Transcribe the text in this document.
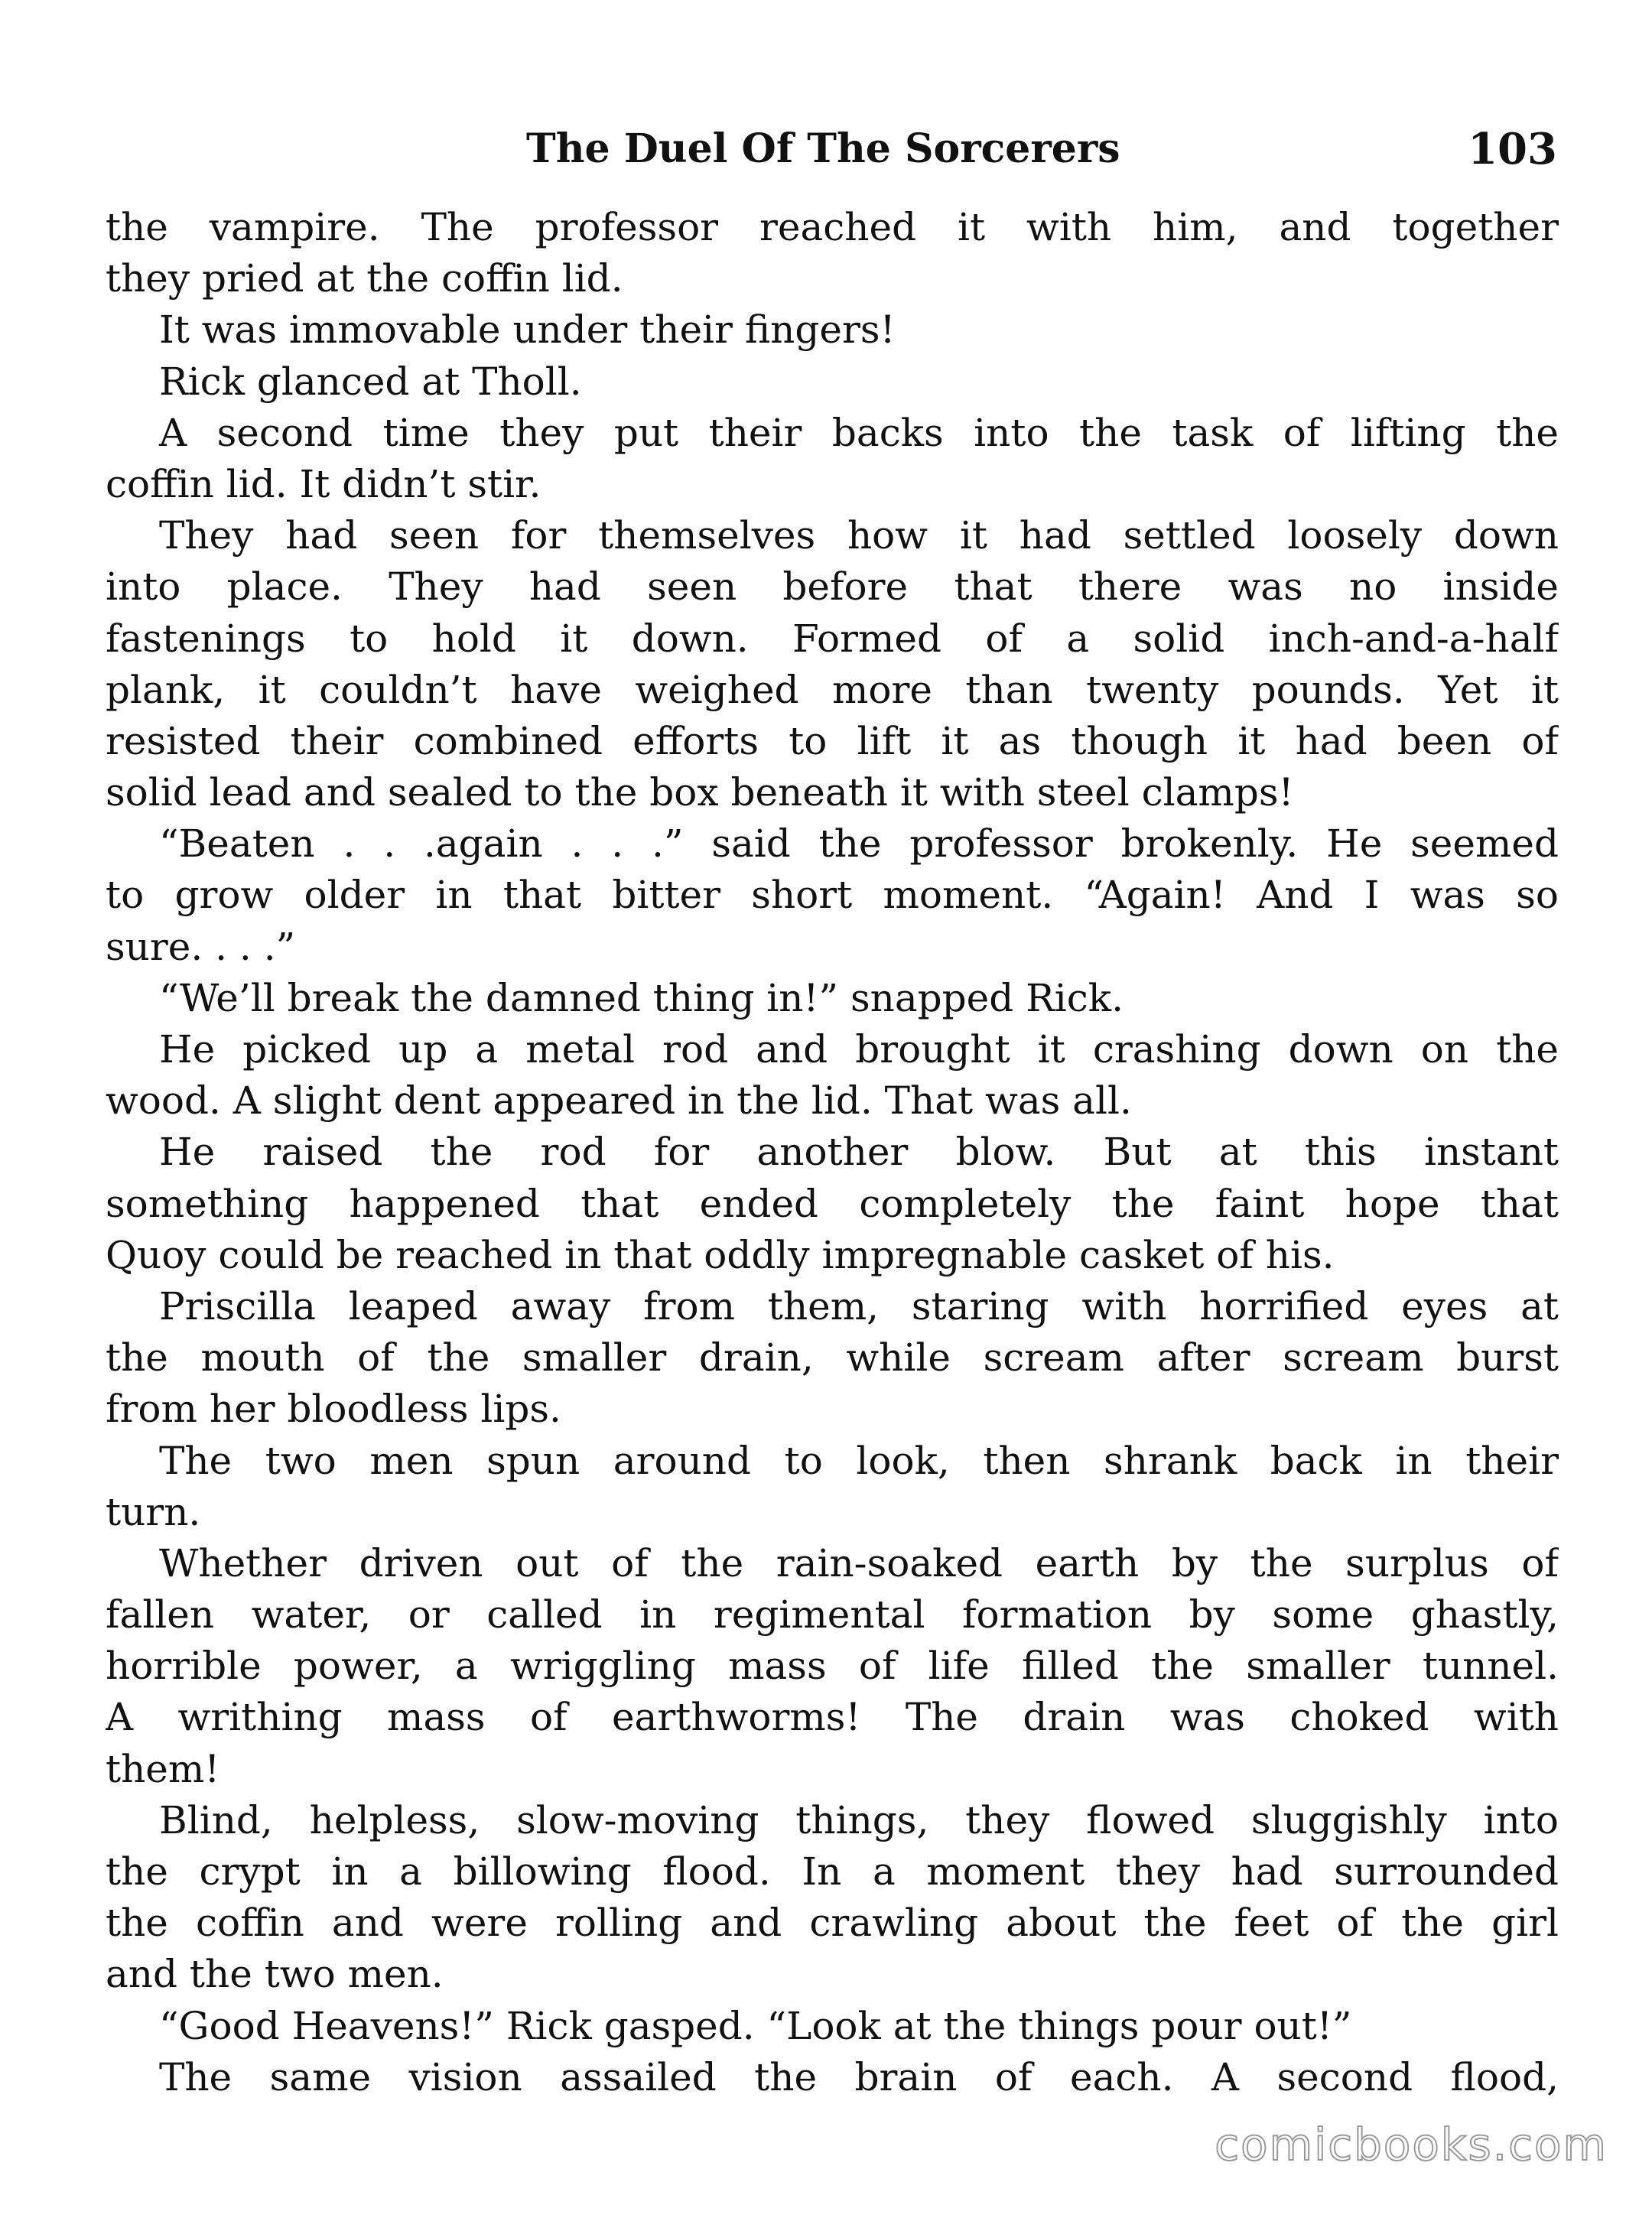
The Duel Of The Sorcerers	103
the vampire. The professor reached it with him, and together
they pried at the coffin lid.
It was immovable under their fingers!
Rick glanced at Tholl.
A second time they put their backs into the task of lifting the
coffin lid. It didn’t stir.
They had seen for themselves how it had settled loosely down
into place. They had seen before that there was no inside
fastenings to hold it down. Formed of a solid inch-and-a-half
plank, it couldn’t have weighed more than twenty pounds. Yet it
resisted their combined efforts to lift it as though it had been of
solid lead and sealed to the box beneath it with steel clamps!
“Beaten . . .again . . .” said the professor brokenly. He seemed
to grow older in that bitter short moment. “Again! And I was so
sure. . . .”
“We’ll break the damned thing in!” snapped Rick.
He picked up a metal rod and brought it crashing down on the
wood. A slight dent appeared in the lid. That was all.
He raised the rod for another blow. But at this instant
something happened that ended completely the faint hope that
Quoy could be reached in that oddly impregnable casket of his.
Priscilla leaped away from them, staring with horrified eyes at
the mouth of the smaller drain, while scream after scream burst
from her bloodless lips.
The two men spun around to look, then shrank back in their
turn.
Whether driven out of the rain-soaked earth by the surplus of
fallen water, or called in regimental formation by some ghastly,
horrible power, a wriggling mass of life filled the smaller tunnel.
A writhing mass of earthworms! The drain was choked with
them!
Blind, helpless, slow-moving things, they flowed sluggishly into
the crypt in a billowing flood. In a moment they had surrounded
the coffin and were rolling and crawling about the feet of the girl
and the two men.
“Good Heavens!” Rick gasped. “Look at the things pour out!”
The same vision assailed the brain of each. A second flood,
comicbooks.com
